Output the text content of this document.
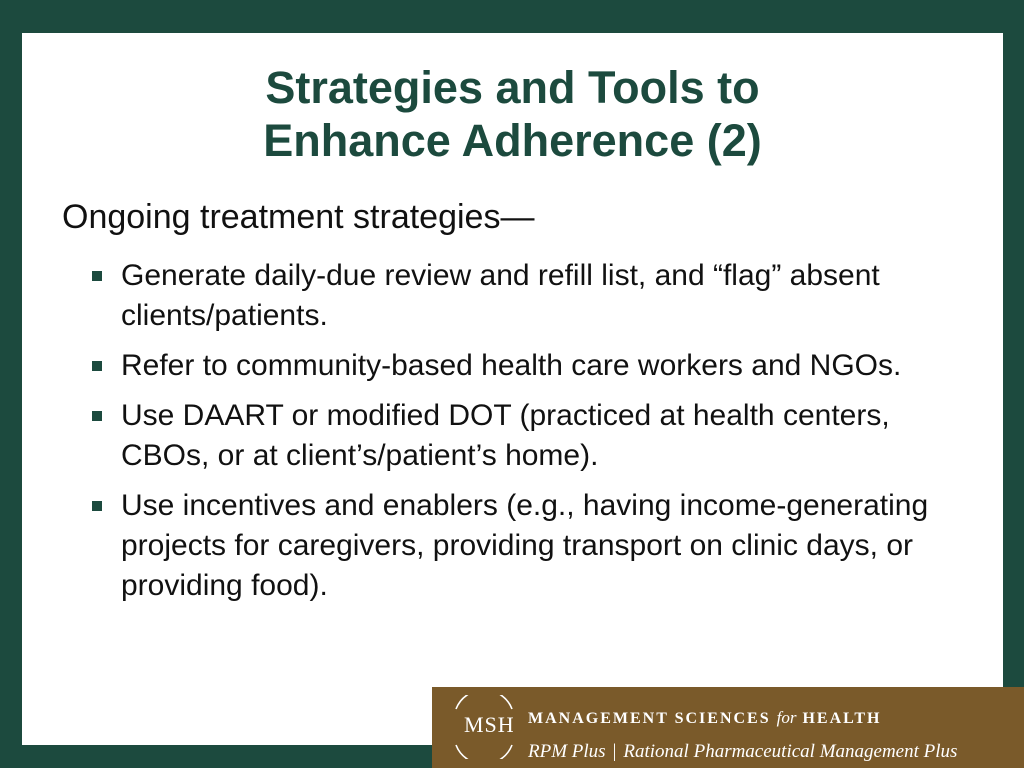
Strategies and Tools to
Enhance Adherence (2)
Ongoing treatment strategies—
Generate daily-due review and refill list, and “flag” absent clients/patients.
Refer to community-based health care workers and NGOs.
Use DAART or modified DOT (practiced at health centers, CBOs, or at client’s/patient’s home).
Use incentives and enablers (e.g., having income-generating projects for caregivers, providing transport on clinic days, or providing food).
MSH MANAGEMENT SCIENCES for HEALTH
RPM Plus | Rational Pharmaceutical Management Plus
